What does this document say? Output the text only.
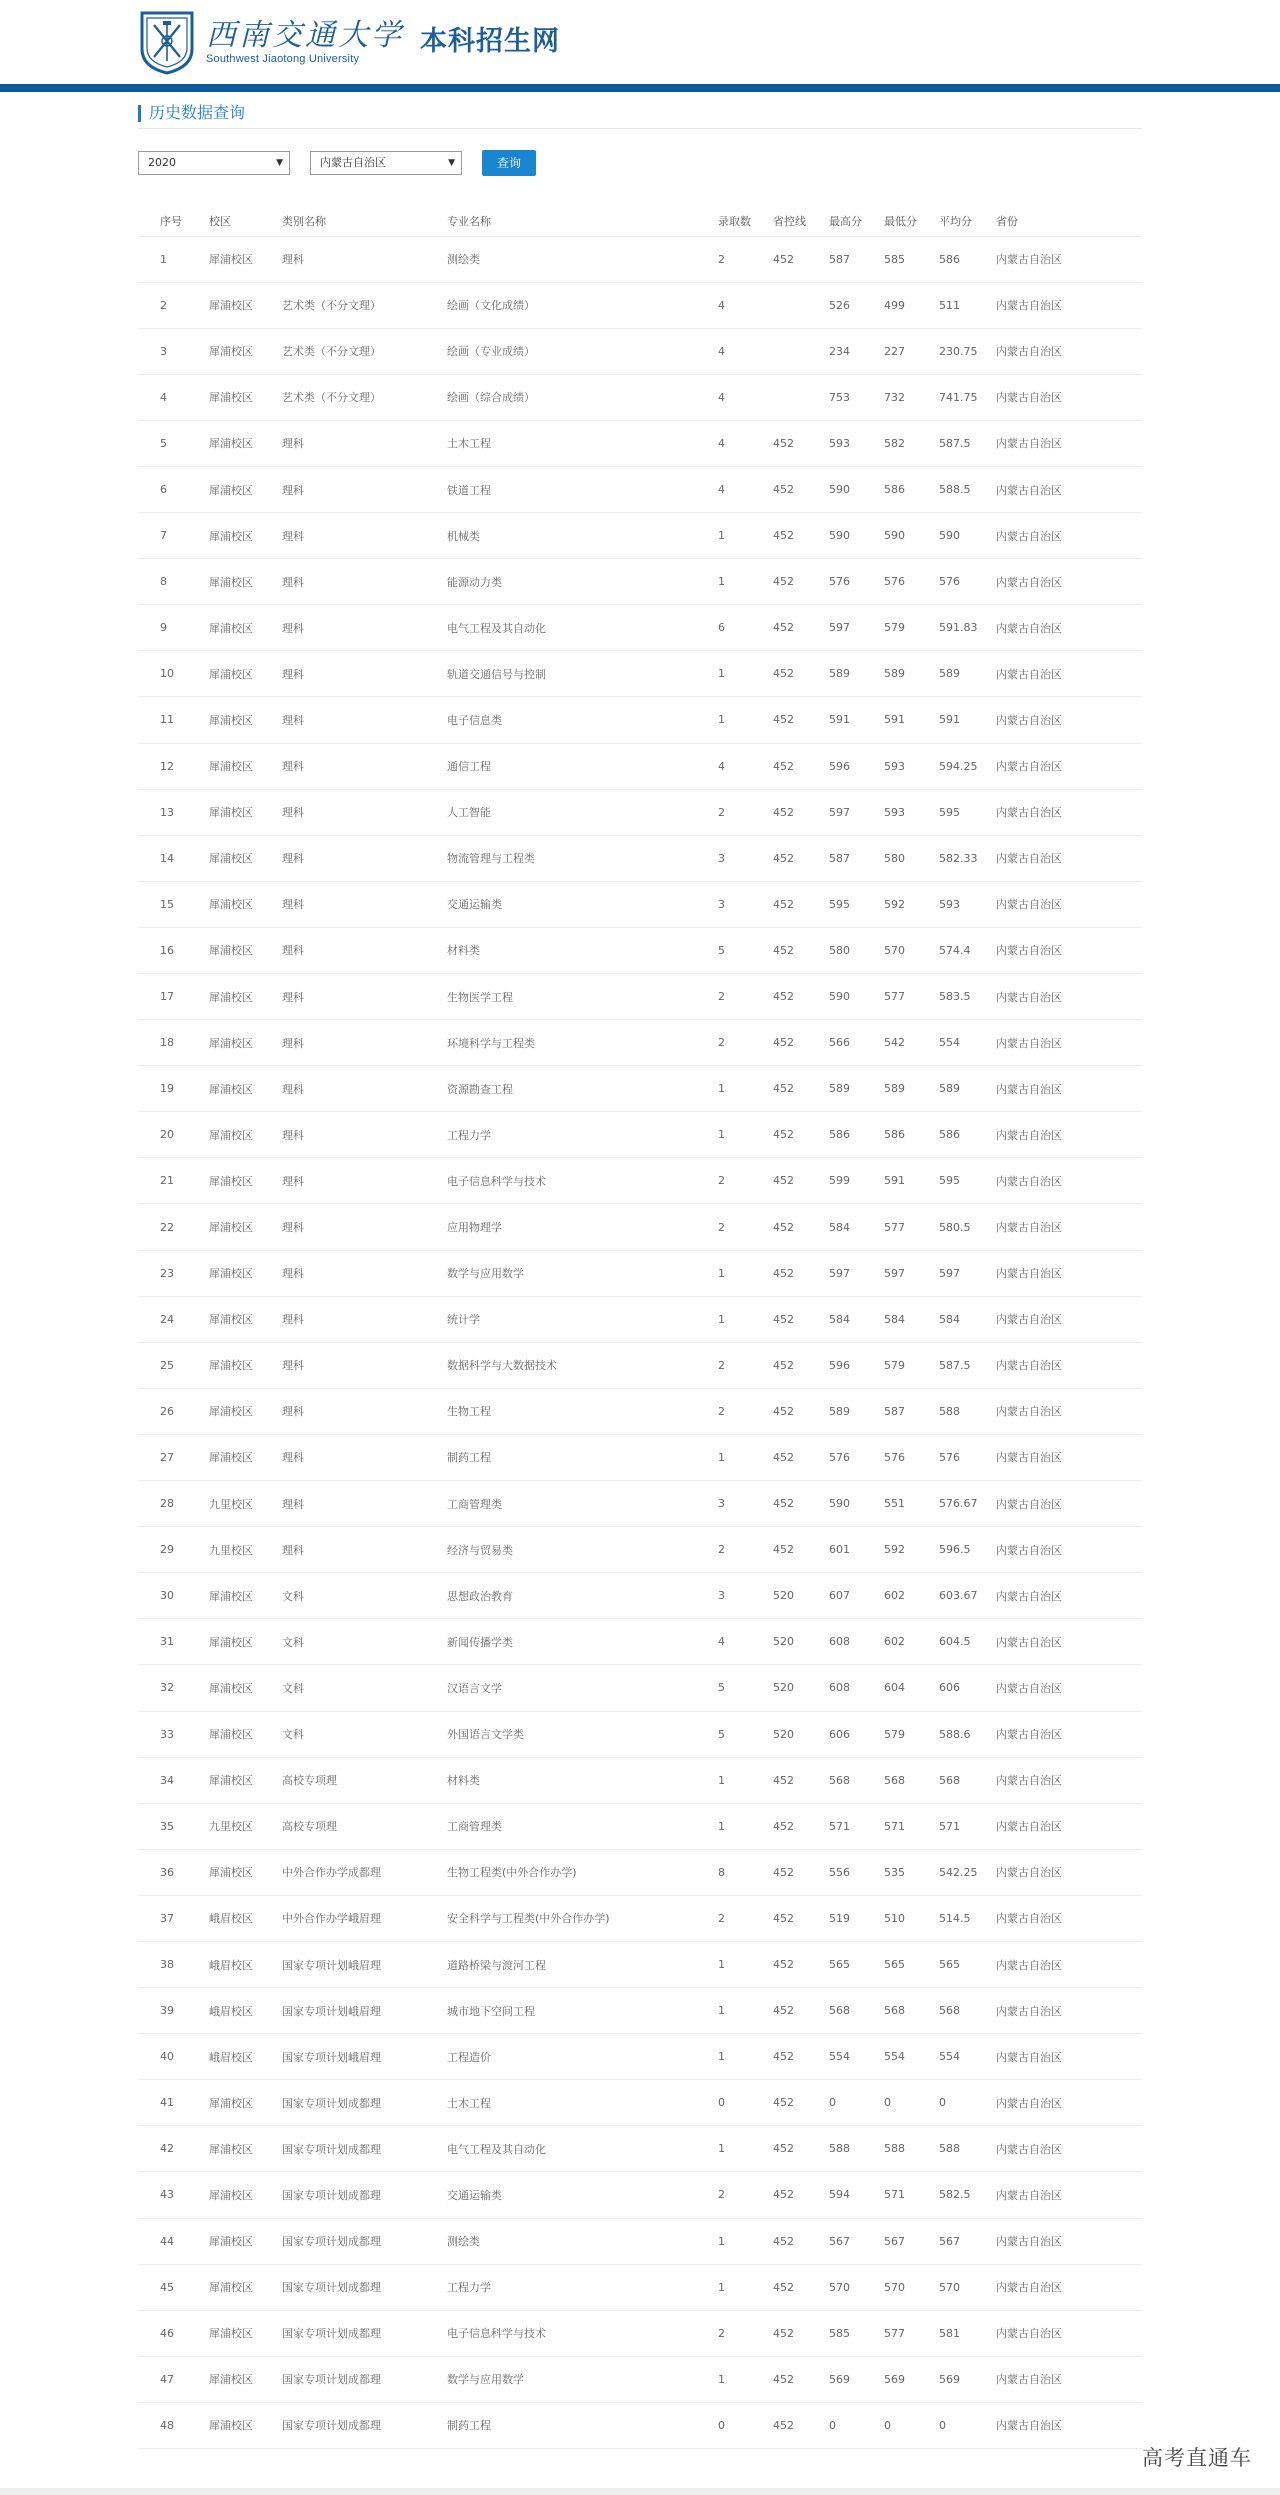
西南交通大学
Southwest Jiaotong University
本科招生网
历史数据查询
2020	▼	内蒙古自治区	▼	查询
序号	校区	类别名称	专业名称	录取数	省控线	最高分	最低分	平均分	省份
1	犀浦校区	理科	测绘类	2	452	587	585	586	内蒙古自治区
2	犀浦校区	艺术类（不分文理）	绘画（文化成绩）	4		526	499	511	内蒙古自治区
3	犀浦校区	艺术类（不分文理）	绘画（专业成绩）	4		234	227	230.75	内蒙古自治区
4	犀浦校区	艺术类（不分文理）	绘画（综合成绩）	4		753	732	741.75	内蒙古自治区
5	犀浦校区	理科	土木工程	4	452	593	582	587.5	内蒙古自治区
6	犀浦校区	理科	铁道工程	4	452	590	586	588.5	内蒙古自治区
7	犀浦校区	理科	机械类	1	452	590	590	590	内蒙古自治区
8	犀浦校区	理科	能源动力类	1	452	576	576	576	内蒙古自治区
9	犀浦校区	理科	电气工程及其自动化	6	452	597	579	591.83	内蒙古自治区
10	犀浦校区	理科	轨道交通信号与控制	1	452	589	589	589	内蒙古自治区
11	犀浦校区	理科	电子信息类	1	452	591	591	591	内蒙古自治区
12	犀浦校区	理科	通信工程	4	452	596	593	594.25	内蒙古自治区
13	犀浦校区	理科	人工智能	2	452	597	593	595	内蒙古自治区
14	犀浦校区	理科	物流管理与工程类	3	452	587	580	582.33	内蒙古自治区
15	犀浦校区	理科	交通运输类	3	452	595	592	593	内蒙古自治区
16	犀浦校区	理科	材料类	5	452	580	570	574.4	内蒙古自治区
17	犀浦校区	理科	生物医学工程	2	452	590	577	583.5	内蒙古自治区
18	犀浦校区	理科	环境科学与工程类	2	452	566	542	554	内蒙古自治区
19	犀浦校区	理科	资源勘查工程	1	452	589	589	589	内蒙古自治区
20	犀浦校区	理科	工程力学	1	452	586	586	586	内蒙古自治区
21	犀浦校区	理科	电子信息科学与技术	2	452	599	591	595	内蒙古自治区
22	犀浦校区	理科	应用物理学	2	452	584	577	580.5	内蒙古自治区
23	犀浦校区	理科	数学与应用数学	1	452	597	597	597	内蒙古自治区
24	犀浦校区	理科	统计学	1	452	584	584	584	内蒙古自治区
25	犀浦校区	理科	数据科学与大数据技术	2	452	596	579	587.5	内蒙古自治区
26	犀浦校区	理科	生物工程	2	452	589	587	588	内蒙古自治区
27	犀浦校区	理科	制药工程	1	452	576	576	576	内蒙古自治区
28	九里校区	理科	工商管理类	3	452	590	551	576.67	内蒙古自治区
29	九里校区	理科	经济与贸易类	2	452	601	592	596.5	内蒙古自治区
30	犀浦校区	文科	思想政治教育	3	520	607	602	603.67	内蒙古自治区
31	犀浦校区	文科	新闻传播学类	4	520	608	602	604.5	内蒙古自治区
32	犀浦校区	文科	汉语言文学	5	520	608	604	606	内蒙古自治区
33	犀浦校区	文科	外国语言文学类	5	520	606	579	588.6	内蒙古自治区
34	犀浦校区	高校专项理	材料类	1	452	568	568	568	内蒙古自治区
35	九里校区	高校专项理	工商管理类	1	452	571	571	571	内蒙古自治区
36	犀浦校区	中外合作办学成都理	生物工程类(中外合作办学)	8	452	556	535	542.25	内蒙古自治区
37	峨眉校区	中外合作办学峨眉理	安全科学与工程类(中外合作办学)	2	452	519	510	514.5	内蒙古自治区
38	峨眉校区	国家专项计划峨眉理	道路桥梁与渡河工程	1	452	565	565	565	内蒙古自治区
39	峨眉校区	国家专项计划峨眉理	城市地下空间工程	1	452	568	568	568	内蒙古自治区
40	峨眉校区	国家专项计划峨眉理	工程造价	1	452	554	554	554	内蒙古自治区
41	犀浦校区	国家专项计划成都理	土木工程	0	452	0	0	0	内蒙古自治区
42	犀浦校区	国家专项计划成都理	电气工程及其自动化	1	452	588	588	588	内蒙古自治区
43	犀浦校区	国家专项计划成都理	交通运输类	2	452	594	571	582.5	内蒙古自治区
44	犀浦校区	国家专项计划成都理	测绘类	1	452	567	567	567	内蒙古自治区
45	犀浦校区	国家专项计划成都理	工程力学	1	452	570	570	570	内蒙古自治区
46	犀浦校区	国家专项计划成都理	电子信息科学与技术	2	452	585	577	581	内蒙古自治区
47	犀浦校区	国家专项计划成都理	数学与应用数学	1	452	569	569	569	内蒙古自治区
48	犀浦校区	国家专项计划成都理	制药工程	0	452	0	0	0	内蒙古自治区
高考直通车
